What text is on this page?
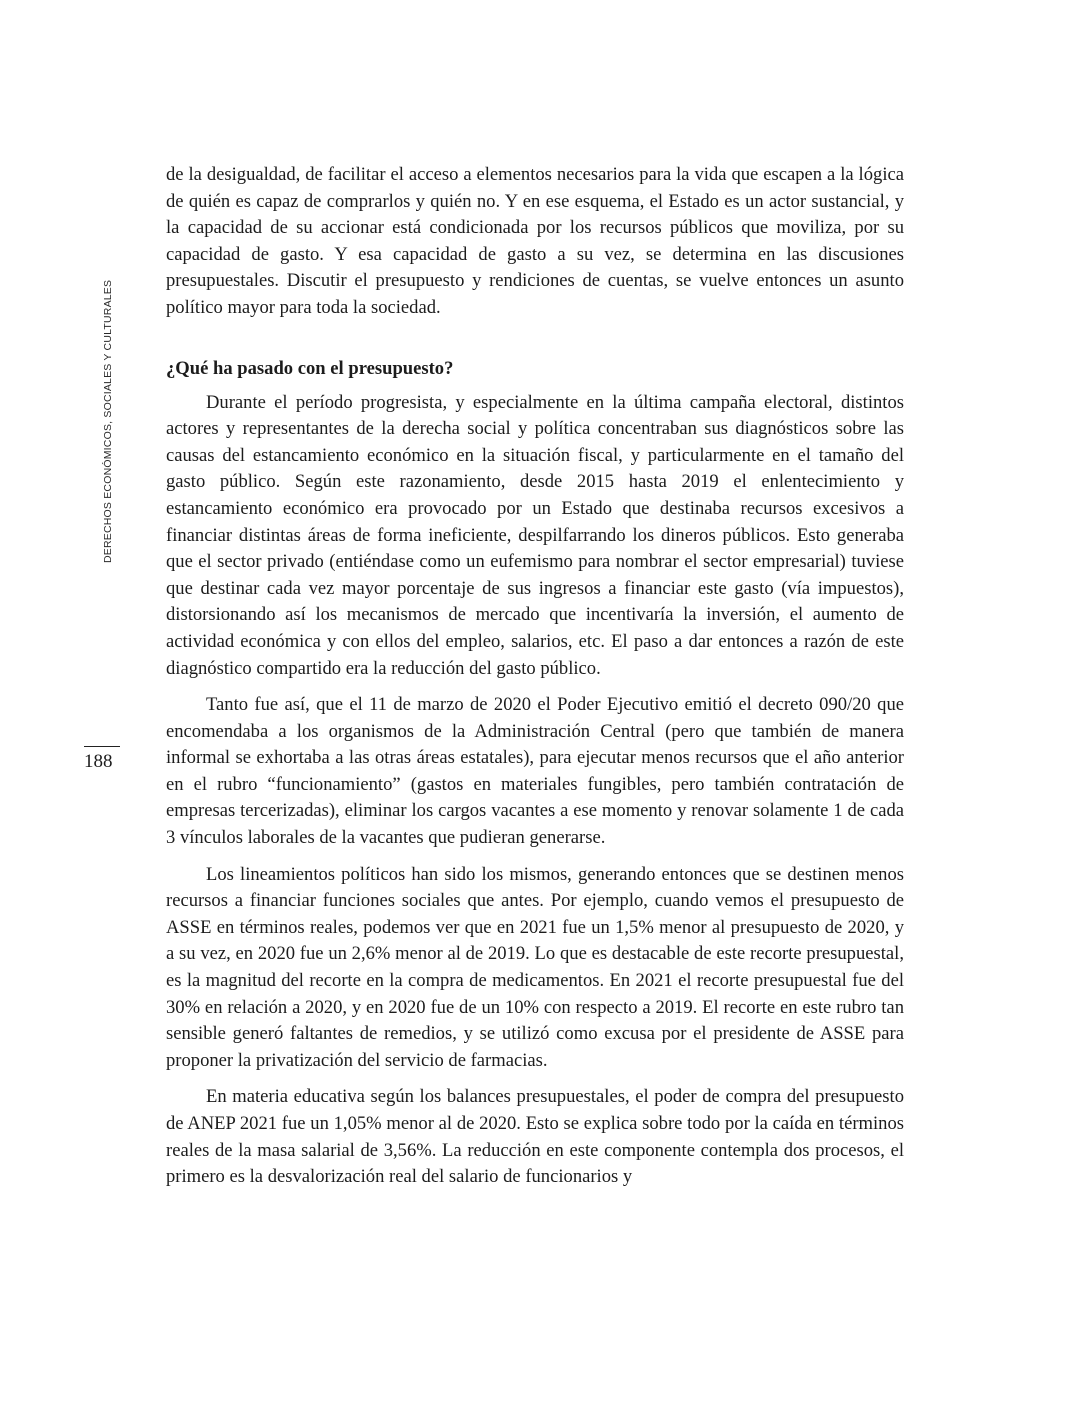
DERECHOS ECONÓMICOS, SOCIALES Y CULTURALES
188

de la desigualdad, de facilitar el acceso a elementos necesarios para la vida que escapen a la lógica de quién es capaz de comprarlos y quién no. Y en ese esquema, el Estado es un actor sustancial, y la capacidad de su accionar está condicionada por los recursos públicos que moviliza, por su capacidad de gasto. Y esa capacidad de gasto a su vez, se determina en las discusiones presupuestales. Discutir el presupuesto y rendiciones de cuentas, se vuelve entonces un asunto político mayor para toda la sociedad.

¿Qué ha pasado con el presupuesto?

Durante el período progresista, y especialmente en la última campaña electoral, distintos actores y representantes de la derecha social y política concentraban sus diagnósticos sobre las causas del estancamiento económico en la situación fiscal, y particularmente en el tamaño del gasto público. Según este razonamiento, desde 2015 hasta 2019 el enlentecimiento y estancamiento económico era provocado por un Estado que destinaba recursos excesivos a financiar distintas áreas de forma ineficiente, despilfarrando los dineros públicos. Esto generaba que el sector privado (entiéndase como un eufemismo para nombrar el sector empresarial) tuviese que destinar cada vez mayor porcentaje de sus ingresos a financiar este gasto (vía impuestos), distorsionando así los mecanismos de mercado que incentivaría la inversión, el aumento de actividad económica y con ellos del empleo, salarios, etc. El paso a dar entonces a razón de este diagnóstico compartido era la reducción del gasto público.

Tanto fue así, que el 11 de marzo de 2020 el Poder Ejecutivo emitió el decreto 090/20 que encomendaba a los organismos de la Administración Central (pero que también de manera informal se exhortaba a las otras áreas estatales), para ejecutar menos recursos que el año anterior en el rubro “funcionamiento” (gastos en materiales fungibles, pero también contratación de empresas tercerizadas), eliminar los cargos vacantes a ese momento y renovar solamente 1 de cada 3 vínculos laborales de la vacantes que pudieran generarse.

Los lineamientos políticos han sido los mismos, generando entonces que se destinen menos recursos a financiar funciones sociales que antes. Por ejemplo, cuando vemos el presupuesto de ASSE en términos reales, podemos ver que en 2021 fue un 1,5% menor al presupuesto de 2020, y a su vez, en 2020 fue un 2,6% menor al de 2019. Lo que es destacable de este recorte presupuestal, es la magnitud del recorte en la compra de medicamentos. En 2021 el recorte presupuestal fue del 30% en relación a 2020, y en 2020 fue de un 10% con respecto a 2019. El recorte en este rubro tan sensible generó faltantes de remedios, y se utilizó como excusa por el presidente de ASSE para proponer la privatización del servicio de farmacias.

En materia educativa según los balances presupuestales, el poder de compra del presupuesto de ANEP 2021 fue un 1,05% menor al de 2020. Esto se explica sobre todo por la caída en términos reales de la masa salarial de 3,56%. La reducción en este componente contempla dos procesos, el primero es la desvalorización real del salario de funcionarios y
